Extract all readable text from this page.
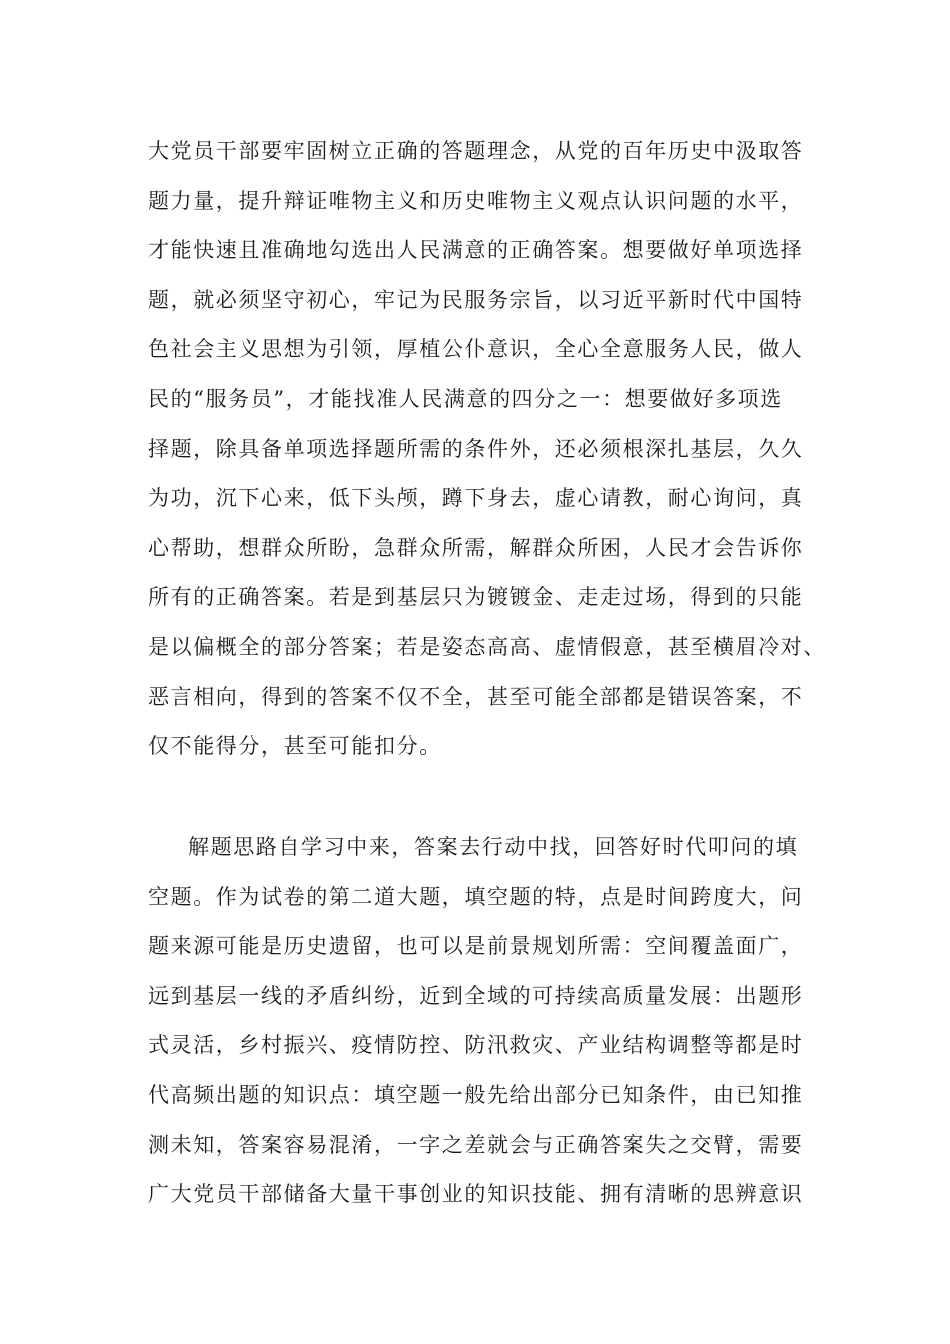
大党员干部要牢固树立正确的答题理念，从党的百年历史中汲取答
题力量，提升辩证唯物主义和历史唯物主义观点认识问题的水平，
才能快速且准确地勾选出人民满意的正确答案。想要做好单项选择
题，就必须坚守初心，牢记为民服务宗旨，以习近平新时代中国特
色社会主义思想为引领，厚植公仆意识，全心全意服务人民，做人
民的“服务员”，才能找准人民满意的四分之一：想要做好多项选
择题，除具备单项选择题所需的条件外，还必须根深扎基层，久久
为功，沉下心来，低下头颅，蹲下身去，虚心请教，耐心询问，真
心帮助，想群众所盼，急群众所需，解群众所困，人民才会告诉你
所有的正确答案。若是到基层只为镀镀金、走走过场，得到的只能
是以偏概全的部分答案；若是姿态高高、虚情假意，甚至横眉冷对、
恶言相向，得到的答案不仅不全，甚至可能全部都是错误答案，不
仅不能得分，甚至可能扣分。
解题思路自学习中来，答案去行动中找，回答好时代叩问的填
空题。作为试卷的第二道大题，填空题的特，点是时间跨度大，问
题来源可能是历史遗留，也可以是前景规划所需：空间覆盖面广，
远到基层一线的矛盾纠纷，近到全域的可持续高质量发展：出题形
式灵活，乡村振兴、疫情防控、防汛救灾、产业结构调整等都是时
代高频出题的知识点：填空题一般先给出部分已知条件，由已知推
测未知，答案容易混淆，一字之差就会与正确答案失之交臂，需要
广大党员干部储备大量干事创业的知识技能、拥有清晰的思辨意识
